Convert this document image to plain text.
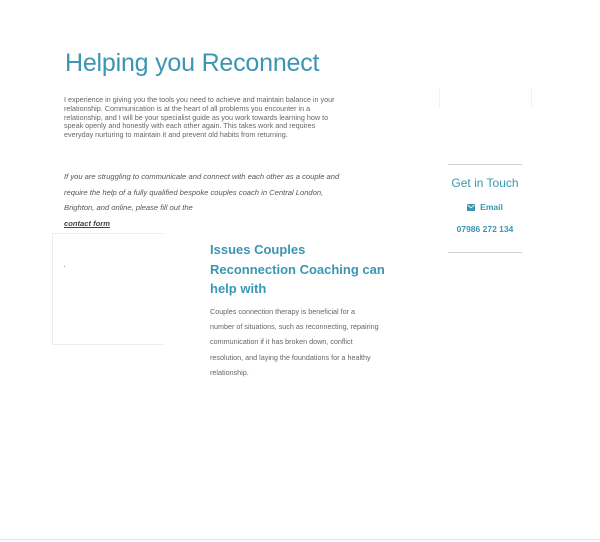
Helping you Reconnect

I experience in giving you the tools you need to achieve and maintain balance in your relationship. Communication is at the heart of all problems you encounter in a relationship, and I will be your specialist guide as you work towards learning how to speak openly and honestly with each other again. This takes work and requires everyday nurturing to maintain it and prevent old habits from returning.

If you are struggling to communicate and connect with each other as a couple and require the help of a fully qualified bespoke couples coach in Central London, Brighton, and online, please fill out the
contact form

Issues Couples Reconnection Coaching can help with

Couples connection therapy is beneficial for a number of situations, such as reconnecting, repairing communication if it has broken down, conflict resolution, and laying the foundations for a healthy relationship.

Get in Touch
Email
07986 272 134
